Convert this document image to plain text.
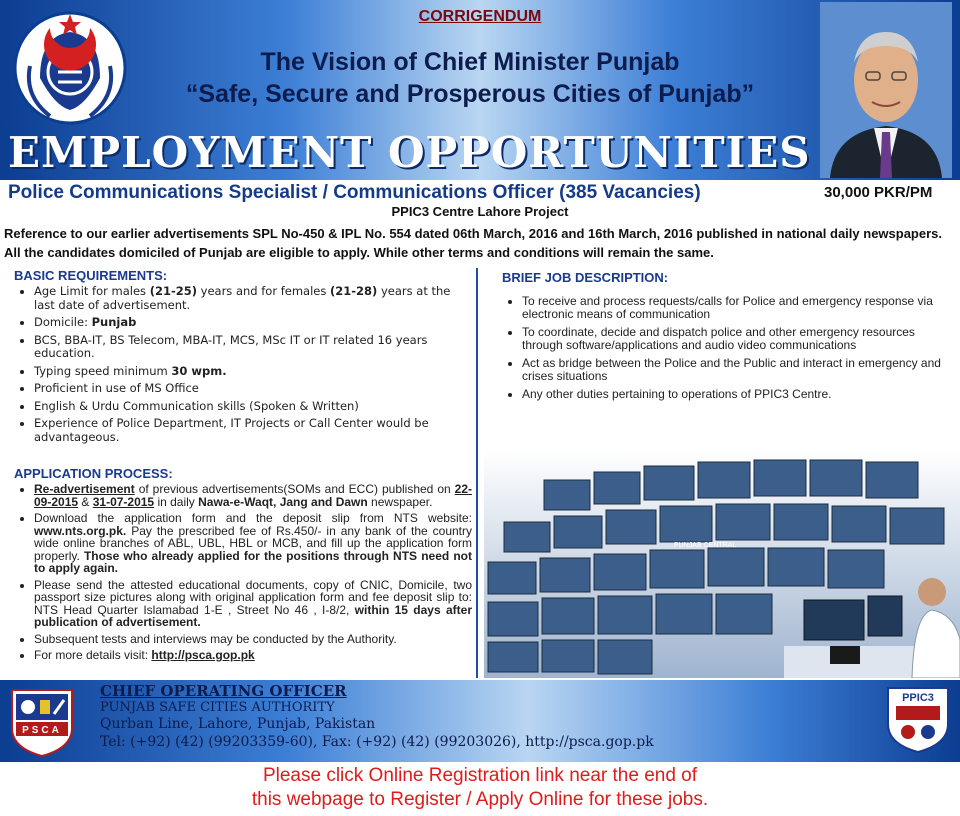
CORRIGENDUM
The Vision of Chief Minister Punjab
“Safe, Secure and Prosperous Cities of Punjab”
EMPLOYMENT OPPORTUNITIES
Police Communications Specialist / Communications Officer (385 Vacancies)	30,000 PKR/PM
PPIC3 Centre Lahore Project
Reference to our earlier advertisements SPL No-450 & IPL No. 554 dated 06th March, 2016 and 16th March, 2016 published in national daily newspapers. All the candidates domiciled of Punjab are eligible to apply. While other terms and conditions will remain the same.
BASIC REQUIREMENTS:
• Age Limit for males (21-25) years and for females (21-28) years at the last date of advertisement.
• Domicile: Punjab
• BCS, BBA-IT, BS Telecom, MBA-IT, MCS, MSc IT or IT related 16 years education.
• Typing speed minimum 30 wpm.
• Proficient in use of MS Office
• English & Urdu Communication skills (Spoken & Written)
• Experience of Police Department, IT Projects or Call Center would be advantageous.
APPLICATION PROCESS:
• Re-advertisement of previous advertisements(SOMs and ECC) published on 22-09-2015 & 31-07-2015 in daily Nawa-e-Waqt, Jang and Dawn newspaper.
• Download the application form and the deposit slip from NTS website: www.nts.org.pk. Pay the prescribed fee of Rs.450/- in any bank of the country wide online branches of ABL, UBL, HBL or MCB, and fill up the application form properly. Those who already applied for the positions through NTS need not to apply again.
• Please send the attested educational documents, copy of CNIC, Domicile, two passport size pictures along with original application form and fee deposit slip to: NTS Head Quarter Islamabad 1-E , Street No 46 , I-8/2, within 15 days after publication of advertisement.
• Subsequent tests and interviews may be conducted by the Authority.
• For more details visit: http://psca.gop.pk
BRIEF JOB DESCRIPTION:
• To receive and process requests/calls for Police and emergency response via electronic means of communication
• To coordinate, decide and dispatch police and other emergency resources through software/applications and audio video communications
• Act as bridge between the Police and the Public and interact in emergency and crises situations
• Any other duties pertaining to operations of PPIC3 Centre.
PUNJAB CENTRAL
PSCA
CHIEF OPERATING OFFICER
PUNJAB SAFE CITIES AUTHORITY
Qurban Line, Lahore, Punjab, Pakistan
Tel: (+92) (42) (99203359-60), Fax: (+92) (42) (99203026), http://psca.gop.pk
PPIC3
Please click Online Registration link near the end of
this webpage to Register / Apply Online for these jobs.
